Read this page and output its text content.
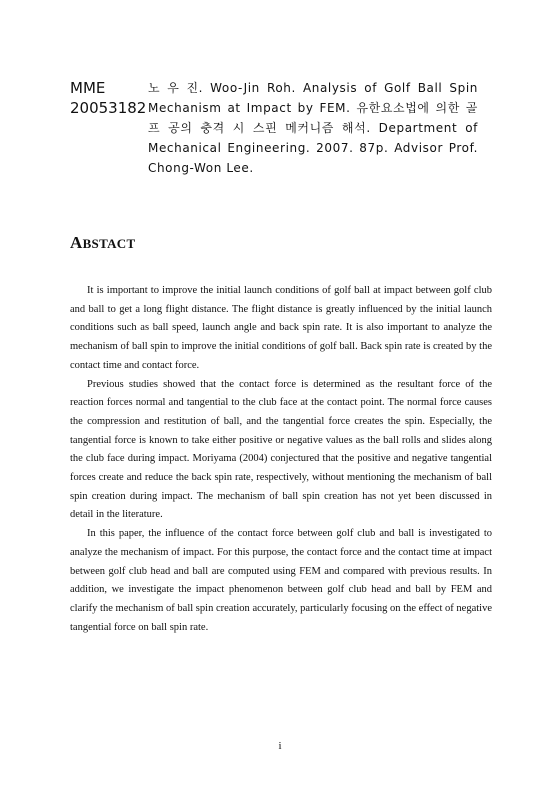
MME
20053182
노 우 진. Woo-Jin Roh. Analysis of Golf Ball Spin Mechanism at Impact by FEM. 유한요소법에 의한 골프 공의 충격 시 스핀 메커니즘 해석. Department of Mechanical Engineering. 2007. 87p. Advisor Prof. Chong-Won Lee.
ABSTACT

It is important to improve the initial launch conditions of golf ball at impact between golf club and ball to get a long flight distance. The flight distance is greatly influenced by the initial launch conditions such as ball speed, launch angle and back spin rate. It is also important to analyze the mechanism of ball spin to improve the initial conditions of golf ball. Back spin rate is created by the contact time and contact force.

Previous studies showed that the contact force is determined as the resultant force of the reaction forces normal and tangential to the club face at the contact point. The normal force causes the compression and restitution of ball, and the tangential force creates the spin. Especially, the tangential force is known to take either positive or negative values as the ball rolls and slides along the club face during impact. Moriyama (2004) conjectured that the positive and negative tangential forces create and reduce the back spin rate, respectively, without mentioning the mechanism of ball spin creation during impact. The mechanism of ball spin creation has not yet been discussed in detail in the literature.

In this paper, the influence of the contact force between golf club and ball is investigated to analyze the mechanism of impact. For this purpose, the contact force and the contact time at impact between golf club head and ball are computed using FEM and compared with previous results. In addition, we investigate the impact phenomenon between golf club head and ball by FEM and clarify the mechanism of ball spin creation accurately, particularly focusing on the effect of negative tangential force on ball spin rate.

i
